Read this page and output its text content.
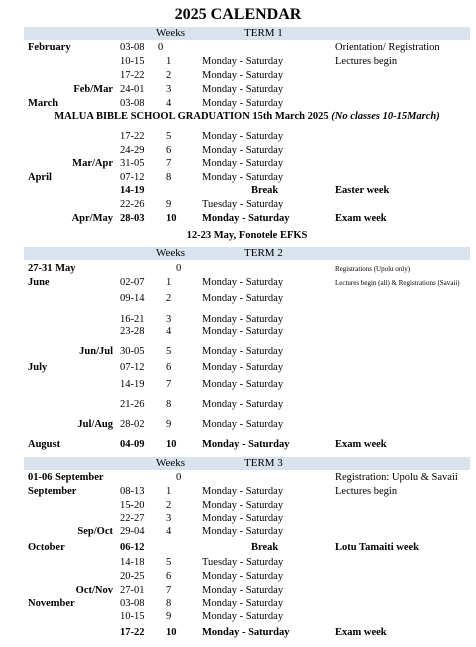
2025 CALENDAR
Weeks	TERM 1
February	03-08 0	Orientation/ Registration
10-15 1	Monday - Saturday	Lectures begin
17-22 2	Monday - Saturday
Feb/Mar 24-01 3	Monday - Saturday
March	03-08 4	Monday - Saturday
MALUA BIBLE SCHOOL GRADUATION 15th March 2025 (No classes 10-15March)
17-22 5	Monday - Saturday
24-29 6	Monday - Saturday
Mar/Apr 31-05 7	Monday - Saturday
April	07-12 8	Monday - Saturday
14-19	Break	Easter week
22-26 9	Tuesday - Saturday
Apr/May 28-03 10 Monday - Saturday	Exam week
12-23 May, Fonotele EFKS
Weeks	TERM 2
27-31 May	0	Registrations (Upolu only)
June	02-07 1	Monday - Saturday	Lectures begin (all) & Registrations (Savaii)
09-14 2	Monday - Saturday
16-21 3	Monday - Saturday
23-28 4	Monday - Saturday
Jun/Jul 30-05 5	Monday - Saturday
July	07-12 6	Monday - Saturday
14-19 7	Monday - Saturday
21-26 8	Monday - Saturday
Jul/Aug 28-02 9	Monday - Saturday
August	04-09 10 Monday - Saturday	Exam week
Weeks	TERM 3
01-06 September	0	Registration: Upolu & Savaii
September	08-13 1	Monday - Saturday	Lectures begin
15-20 2	Monday - Saturday
22-27 3	Monday - Saturday
Sep/Oct 29-04 4	Monday - Saturday
October	06-12	Break	Lotu Tamaiti week
14-18 5	Tuesday - Saturday
20-25 6	Monday - Saturday
Oct/Nov 27-01 7	Monday - Saturday
November	03-08 8	Monday - Saturday
10-15 9	Monday - Saturday
17-22 10 Monday - Saturday	Exam week
